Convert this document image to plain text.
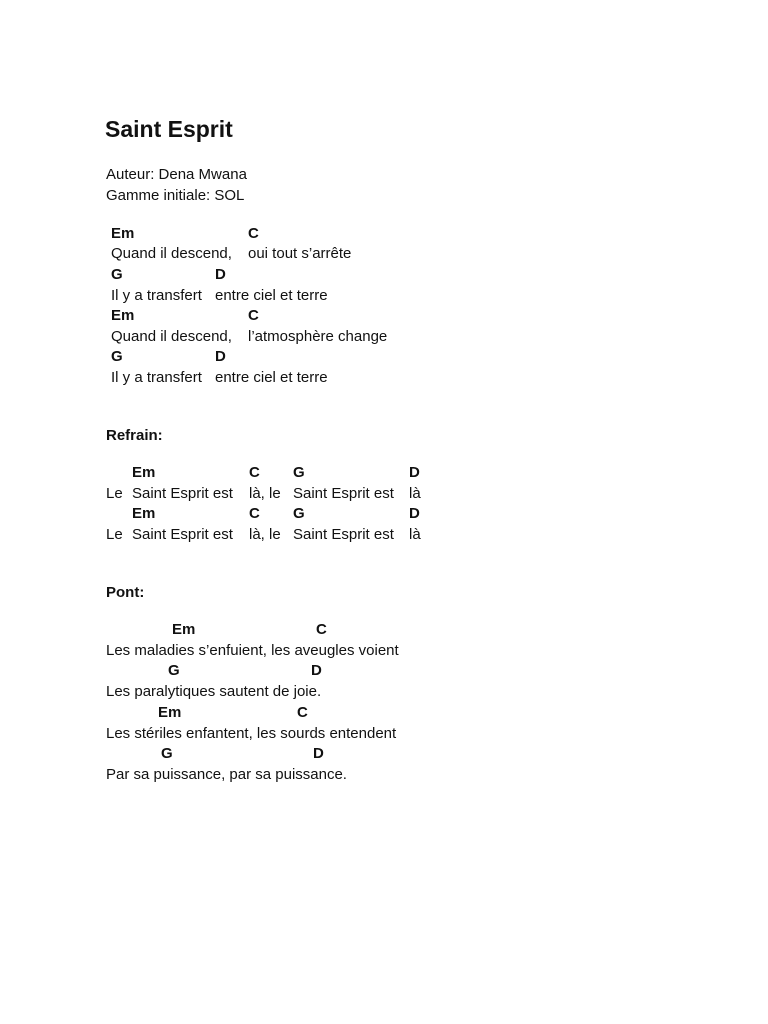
Saint Esprit
Auteur: Dena Mwana
Gamme initiale: SOL
Em	C
Quand il descend, oui tout s’arrête
G	D
Il y a transfert entre ciel et terre
Em	C
Quand il descend, l’atmosphère change
G	D
Il y a transfert entre ciel et terre
Refrain:
Em	C G	D
Le Saint Esprit est là, le Saint Esprit est là
Em	C G	D
Le Saint Esprit est là, le Saint Esprit est là
Pont:
Em	C
Les maladies s’enfuient, les aveugles voient
G	D
Les paralytiques sautent de joie.
Em	C
Les stériles enfantent, les sourds entendent
G	D
Par sa puissance, par sa puissance.
